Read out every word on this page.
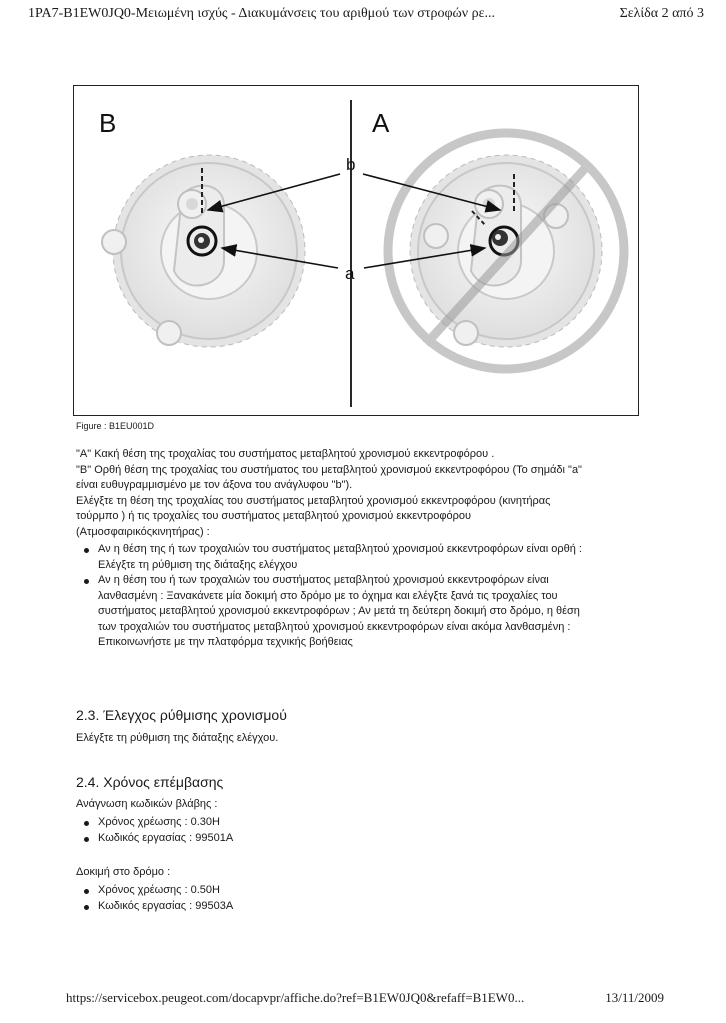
1PA7-B1EW0JQ0-Μειωμένη ισχύς - Διακυμάνσεις του αριθμού των στροφών ρε...	Σελίδα 2 από 3
B	A
b
a
Figure : B1EU001D
"A" Κακή θέση της τροχαλίας του συστήματος μεταβλητού χρονισμού εκκεντροφόρου .
"B" Ορθή θέση της τροχαλίας του συστήματος του μεταβλητού χρονισμού εκκεντροφόρου (Το σημάδι "a"
είναι ευθυγραμμισμένο με τον άξονα του ανάγλυφου "b").
Ελέγξτε τη θέση της τροχαλίας του συστήματος μεταβλητού χρονισμού εκκεντροφόρου (κινητήρας
τούρμπο ) ή τις τροχαλίες του συστήματος μεταβλητού χρονισμού εκκεντροφόρου
(Ατμοσφαιρικόςκινητήρας) :
Αν η θέση της ή των τροχαλιών του συστήματος μεταβλητού χρονισμού εκκεντροφόρων είναι ορθή :
Ελέγξτε τη ρύθμιση της διάταξης ελέγχου
Αν η θέση του ή των τροχαλιών του συστήματος μεταβλητού χρονισμού εκκεντροφόρων είναι
λανθασμένη : Ξανακάνετε μία δοκιμή στο δρόμο με το όχημα και ελέγξτε ξανά τις τροχαλίες του
συστήματος μεταβλητού χρονισμού εκκεντροφόρων ; Αν μετά τη δεύτερη δοκιμή στο δρόμο, η θέση
των τροχαλιών του συστήματος μεταβλητού χρονισμού εκκεντροφόρων είναι ακόμα λανθασμένη :
Επικοινωνήστε με την πλατφόρμα τεχνικής βοήθειας
2.3. Έλεγχος ρύθμισης χρονισμού
Ελέγξτε τη ρύθμιση της διάταξης ελέγχου.
2.4. Χρόνος επέμβασης
Ανάγνωση κωδικών βλάβης :
Χρόνος χρέωσης : 0.30H
Κωδικός εργασίας : 99501A
Δοκιμή στο δρόμο :
Χρόνος χρέωσης : 0.50H
Κωδικός εργασίας : 99503A
https://servicebox.peugeot.com/docapvpr/affiche.do?ref=B1EW0JQ0&refaff=B1EW0...	13/11/2009
